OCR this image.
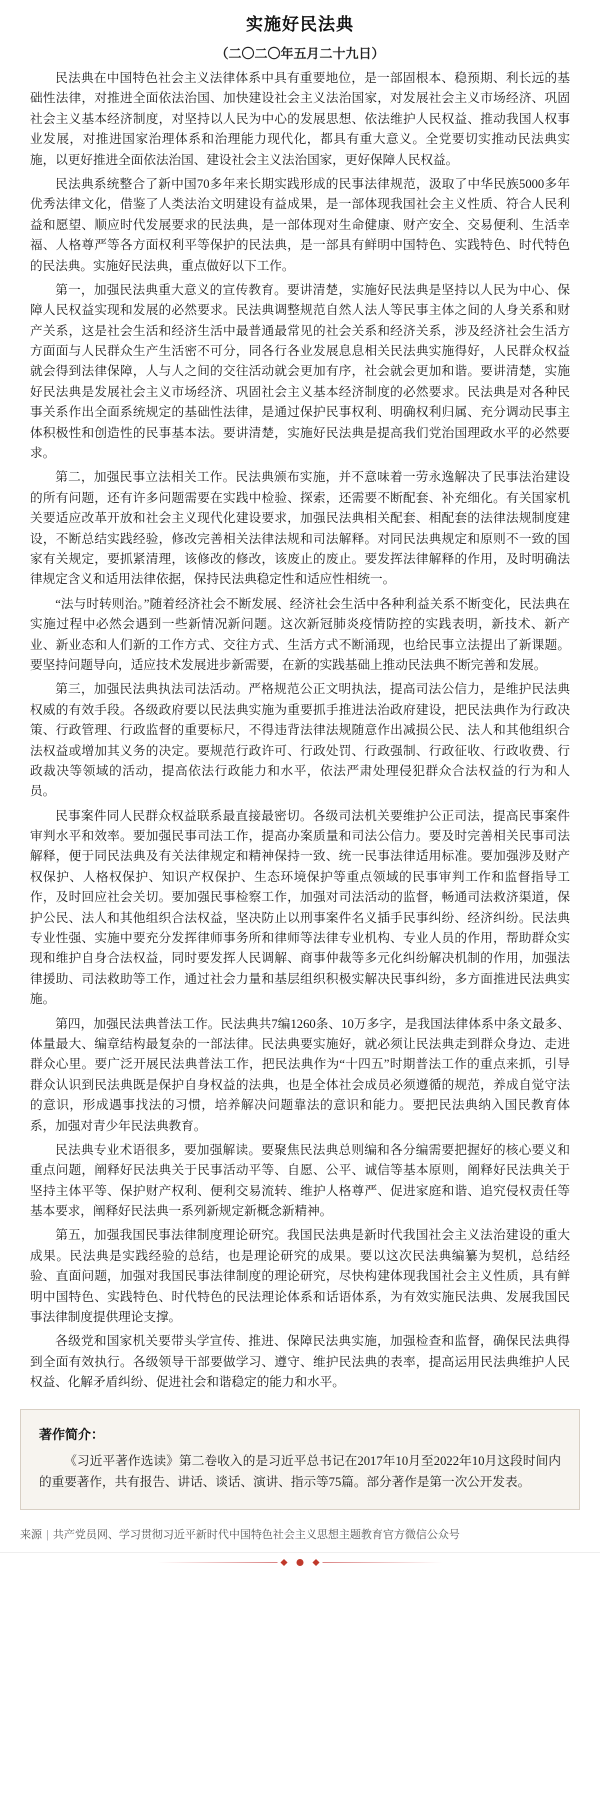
实施好民法典
（二〇二〇年五月二十九日）

民法典在中国特色社会主义法律体系中具有重要地位，是一部固根本、稳预期、利长远的基础性法律，对推进全面依法治国、加快建设社会主义法治国家，对发展社会主义市场经济、巩固社会主义基本经济制度，对坚持以人民为中心的发展思想、依法维护人民权益、推动我国人权事业发展，对推进国家治理体系和治理能力现代化，都具有重大意义。全党要切实推动民法典实施，以更好推进全面依法治国、建设社会主义法治国家，更好保障人民权益。

民法典系统整合了新中国70多年来长期实践形成的民事法律规范，汲取了中华民族5000多年优秀法律文化，借鉴了人类法治文明建设有益成果，是一部体现我国社会主义性质、符合人民利益和愿望、顺应时代发展要求的民法典，是一部体现对生命健康、财产安全、交易便利、生活幸福、人格尊严等各方面权利平等保护的民法典，是一部具有鲜明中国特色、实践特色、时代特色的民法典。实施好民法典，重点做好以下工作。

第一，加强民法典重大意义的宣传教育。要讲清楚，实施好民法典是坚持以人民为中心、保障人民权益实现和发展的必然要求。民法典调整规范自然人法人等民事主体之间的人身关系和财产关系，这是社会生活和经济生活中最普通最常见的社会关系和经济关系，涉及经济社会生活方方面面与人民群众生产生活密不可分，同各行各业发展息息相关民法典实施得好，人民群众权益就会得到法律保障，人与人之间的交往活动就会更加有序，社会就会更加和谐。要讲清楚，实施好民法典是发展社会主义市场经济、巩固社会主义基本经济制度的必然要求。民法典是对各种民事关系作出全面系统规定的基础性法律，是通过保护民事权利、明确权利归属、充分调动民事主体积极性和创造性的民事基本法。要讲清楚，实施好民法典是提高我们党治国理政水平的必然要求。

第二，加强民事立法相关工作。民法典颁布实施，并不意味着一劳永逸解决了民事法治建设的所有问题，还有许多问题需要在实践中检验、探索，还需要不断配套、补充细化。有关国家机关要适应改革开放和社会主义现代化建设要求，加强民法典相关配套、相配套的法律法规制度建设，不断总结实践经验，修改完善相关法律法规和司法解释。对同民法典规定和原则不一致的国家有关规定，要抓紧清理，该修改的修改，该废止的废止。要发挥法律解释的作用，及时明确法律规定含义和适用法律依据，保持民法典稳定性和适应性相统一。

“法与时转则治。”随着经济社会不断发展、经济社会生活中各种利益关系不断变化，民法典在实施过程中必然会遇到一些新情况新问题。这次新冠肺炎疫情防控的实践表明，新技术、新产业、新业态和人们新的工作方式、交往方式、生活方式不断涌现，也给民事立法提出了新课题。要坚持问题导向，适应技术发展进步新需要，在新的实践基础上推动民法典不断完善和发展。

第三，加强民法典执法司法活动。严格规范公正文明执法，提高司法公信力，是维护民法典权威的有效手段。各级政府要以民法典实施为重要抓手推进法治政府建设，把民法典作为行政决策、行政管理、行政监督的重要标尺，不得违背法律法规随意作出减损公民、法人和其他组织合法权益或增加其义务的决定。要规范行政许可、行政处罚、行政强制、行政征收、行政收费、行政裁决等领域的活动，提高依法行政能力和水平，依法严肃处理侵犯群众合法权益的行为和人员。

民事案件同人民群众权益联系最直接最密切。各级司法机关要维护公正司法，提高民事案件审判水平和效率。要加强民事司法工作，提高办案质量和司法公信力。要及时完善相关民事司法解释，便于同民法典及有关法律规定和精神保持一致、统一民事法律适用标准。要加强涉及财产权保护、人格权保护、知识产权保护、生态环境保护等重点领域的民事审判工作和监督指导工作，及时回应社会关切。要加强民事检察工作，加强对司法活动的监督，畅通司法救济渠道，保护公民、法人和其他组织合法权益，坚决防止以刑事案件名义插手民事纠纷、经济纠纷。民法典专业性强、实施中要充分发挥律师事务所和律师等法律专业机构、专业人员的作用，帮助群众实现和维护自身合法权益，同时要发挥人民调解、商事仲裁等多元化纠纷解决机制的作用，加强法律援助、司法救助等工作，通过社会力量和基层组织积极实解决民事纠纷，多方面推进民法典实施。

第四，加强民法典普法工作。民法典共7编1260条、10万多字，是我国法律体系中条文最多、体量最大、编章结构最复杂的一部法律。民法典要实施好，就必须让民法典走到群众身边、走进群众心里。要广泛开展民法典普法工作，把民法典作为“十四五”时期普法工作的重点来抓，引导群众认识到民法典既是保护自身权益的法典，也是全体社会成员必须遵循的规范，养成自觉守法的意识，形成遇事找法的习惯，培养解决问题靠法的意识和能力。要把民法典纳入国民教育体系，加强对青少年民法典教育。

民法典专业术语很多，要加强解读。要聚焦民法典总则编和各分编需要把握好的核心要义和重点问题，阐释好民法典关于民事活动平等、自愿、公平、诚信等基本原则，阐释好民法典关于坚持主体平等、保护财产权利、便利交易流转、维护人格尊严、促进家庭和谐、追究侵权责任等基本要求，阐释好民法典一系列新规定新概念新精神。

第五，加强我国民事法律制度理论研究。我国民法典是新时代我国社会主义法治建设的重大成果。民法典是实践经验的总结，也是理论研究的成果。要以这次民法典编纂为契机，总结经验、直面问题，加强对我国民事法律制度的理论研究，尽快构建体现我国社会主义性质，具有鲜明中国特色、实践特色、时代特色的民法理论体系和话语体系，为有效实施民法典、发展我国民事法律制度提供理论支撑。

各级党和国家机关要带头学宣传、推进、保障民法典实施，加强检查和监督，确保民法典得到全面有效执行。各级领导干部要做学习、遵守、维护民法典的表率，提高运用民法典维护人民权益、化解矛盾纠纷、促进社会和谐稳定的能力和水平。

著作简介：

《习近平著作选读》第二卷收入的是习近平总书记在2017年10月至2022年10月这段时间内的重要著作，共有报告、讲话、谈话、演讲、指示等75篇。部分著作是第一次公开发表。

来源 | 共产党员网、学习贯彻习近平新时代中国特色社会主义思想主题教育官方微信公众号
